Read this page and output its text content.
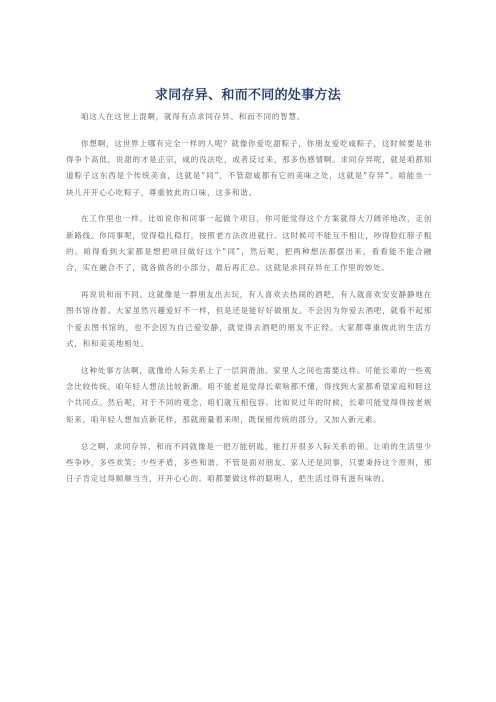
求同存异、和而不同的处事方法

咱这人在这世上混啊，就得有点求同存异、和而不同的智慧。

你想啊，这世界上哪有完全一样的人呢？就像你爱吃甜粽子，你朋友爱吃咸粽子，这时候要是非得争个高低，说甜的才是正宗，咸的没法吃，或者反过来，那多伤感情啊。求同存异呢，就是咱都知道粽子这东西是个传统美食，这就是“同”，不管甜咸都有它的美味之处，这就是“存异”。咱能坐一块儿开开心心吃粽子，尊重彼此的口味，这多和谐。

在工作里也一样。比如说你和同事一起做个项目，你可能觉得这个方案就得大刀阔斧地改，走创新路线。你同事呢，觉得稳扎稳打，按照老方法改进就行。这时候可不能互不相让，吵得脸红脖子粗的。咱得看到大家都是想把项目做好这个“同”，然后呢，把两种想法都摆出来，看看能不能合融合，实在融合不了，就各做各的小部分，最后再汇总。这就是求同存异在工作里的妙处。

再说说和而不同。这就像是一群朋友出去玩，有人喜欢去热闹的酒吧，有人就喜欢安安静静地在图书馆待着。大家虽然兴趣爱好不一样，但是还是能好好做朋友。不会因为你爱去酒吧，就看不起那个爱去图书馆的，也不会因为自己爱安静，就觉得去酒吧的朋友不正经。大家都尊重彼此的生活方式，和和美美地相处。

这种处事方法啊，就像给人际关系上了一层润滑油。家里人之间也需要这样。可能长辈的一些观念比较传统，咱年轻人想法比较新潮。咱不能老是觉得长辈啥都不懂，得找到大家都希望家庭和睦这个共同点。然后呢，对于不同的观念，咱们就互相包容。比如说过年的时候，长辈可能觉得得按老规矩来，咱年轻人想加点新花样，那就商量着来呗，既保留传统的部分，又加入新元素。

总之啊，求同存异、和而不同就像是一把万能钥匙，能打开很多人际关系的锁。让咱的生活里少些争吵，多些欢笑；少些矛盾，多些和谐。不管是面对朋友、家人还是同事，只要秉持这个原则，那日子肯定过得顺顺当当，开开心心的。咱都要做这样的聪明人，把生活过得有滋有味的。
